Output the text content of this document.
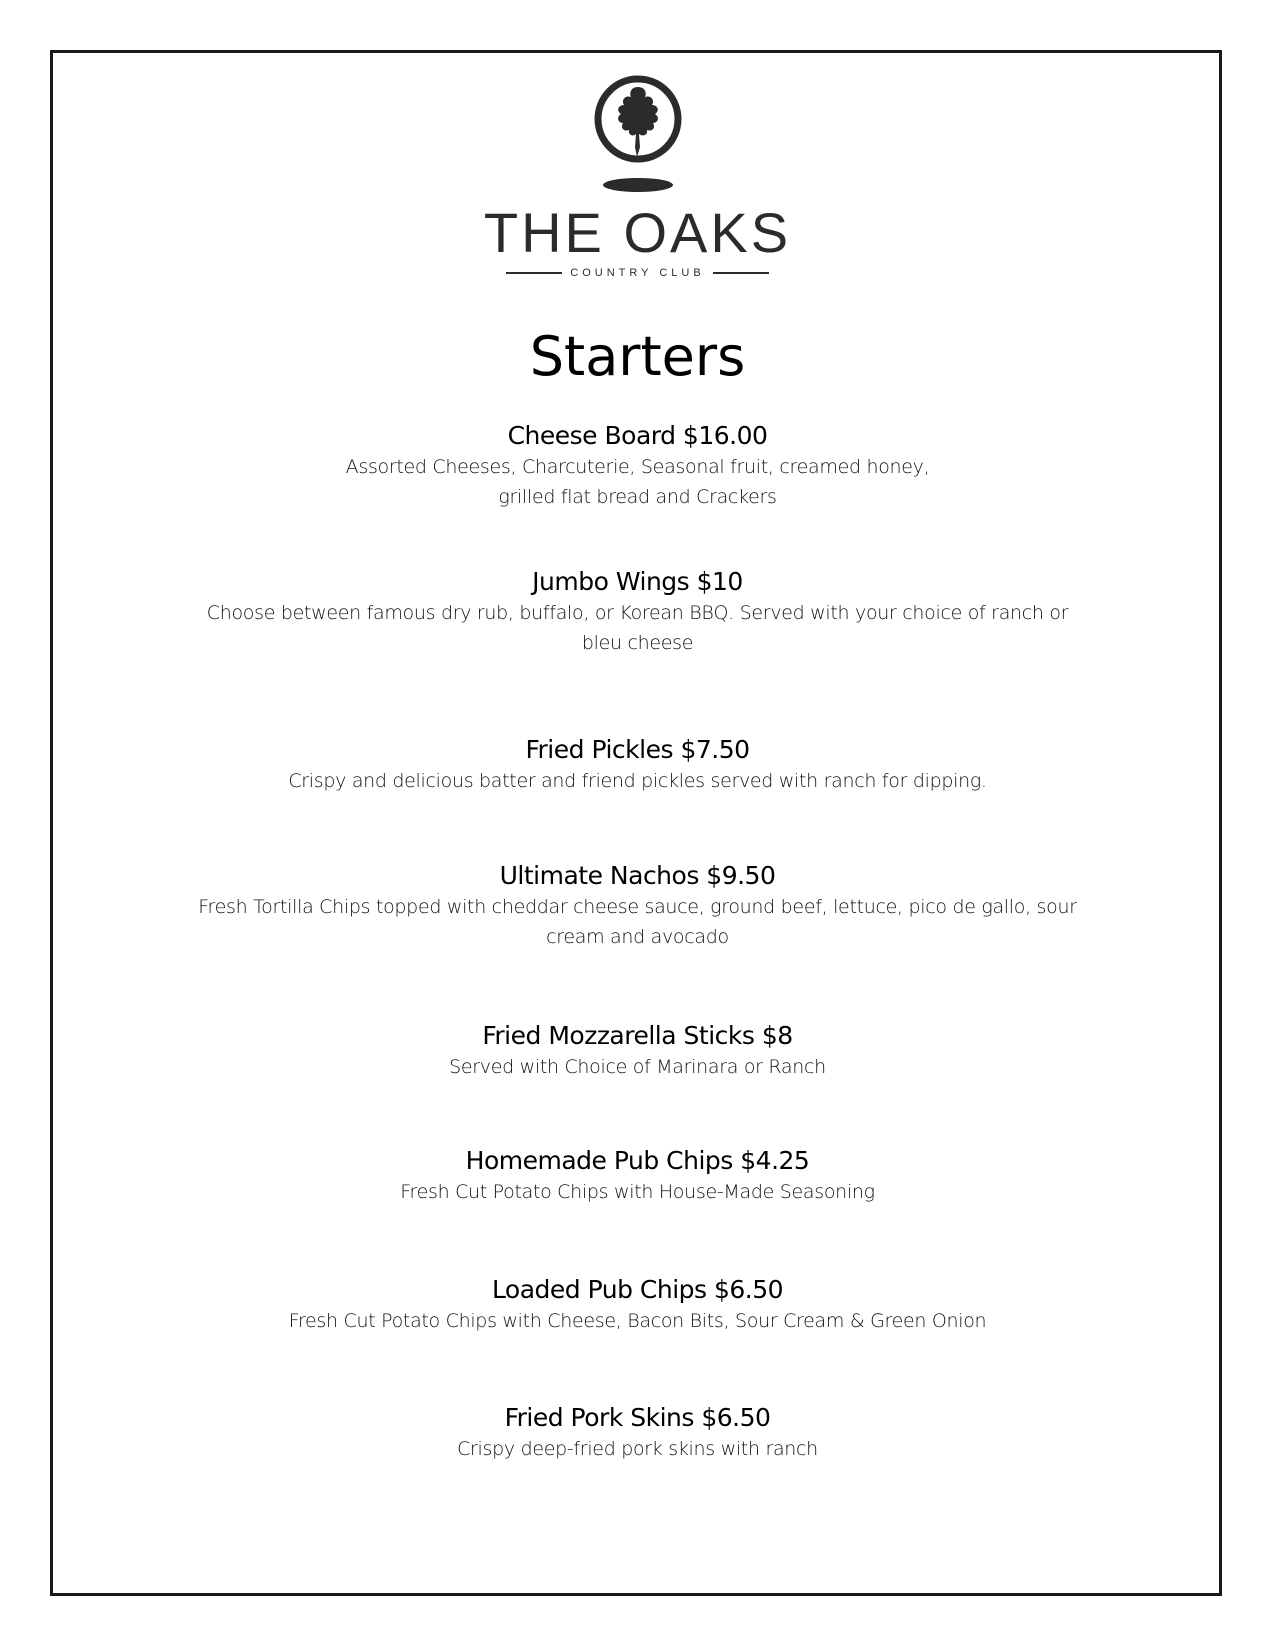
THE OAKS
COUNTRY CLUB
Starters
Cheese Board $16.00
Assorted Cheeses, Charcuterie, Seasonal fruit, creamed honey,
grilled flat bread and Crackers
Jumbo Wings $10
Choose between famous dry rub, buffalo, or Korean BBQ. Served with your choice of ranch or
bleu cheese
Fried Pickles $7.50
Crispy and delicious batter and friend pickles served with ranch for dipping.
Ultimate Nachos $9.50
Fresh Tortilla Chips topped with cheddar cheese sauce, ground beef, lettuce, pico de gallo, sour
cream and avocado
Fried Mozzarella Sticks $8
Served with Choice of Marinara or Ranch
Homemade Pub Chips $4.25
Fresh Cut Potato Chips with House-Made Seasoning
Loaded Pub Chips $6.50
Fresh Cut Potato Chips with Cheese, Bacon Bits, Sour Cream & Green Onion
Fried Pork Skins $6.50
Crispy deep-fried pork skins with ranch
